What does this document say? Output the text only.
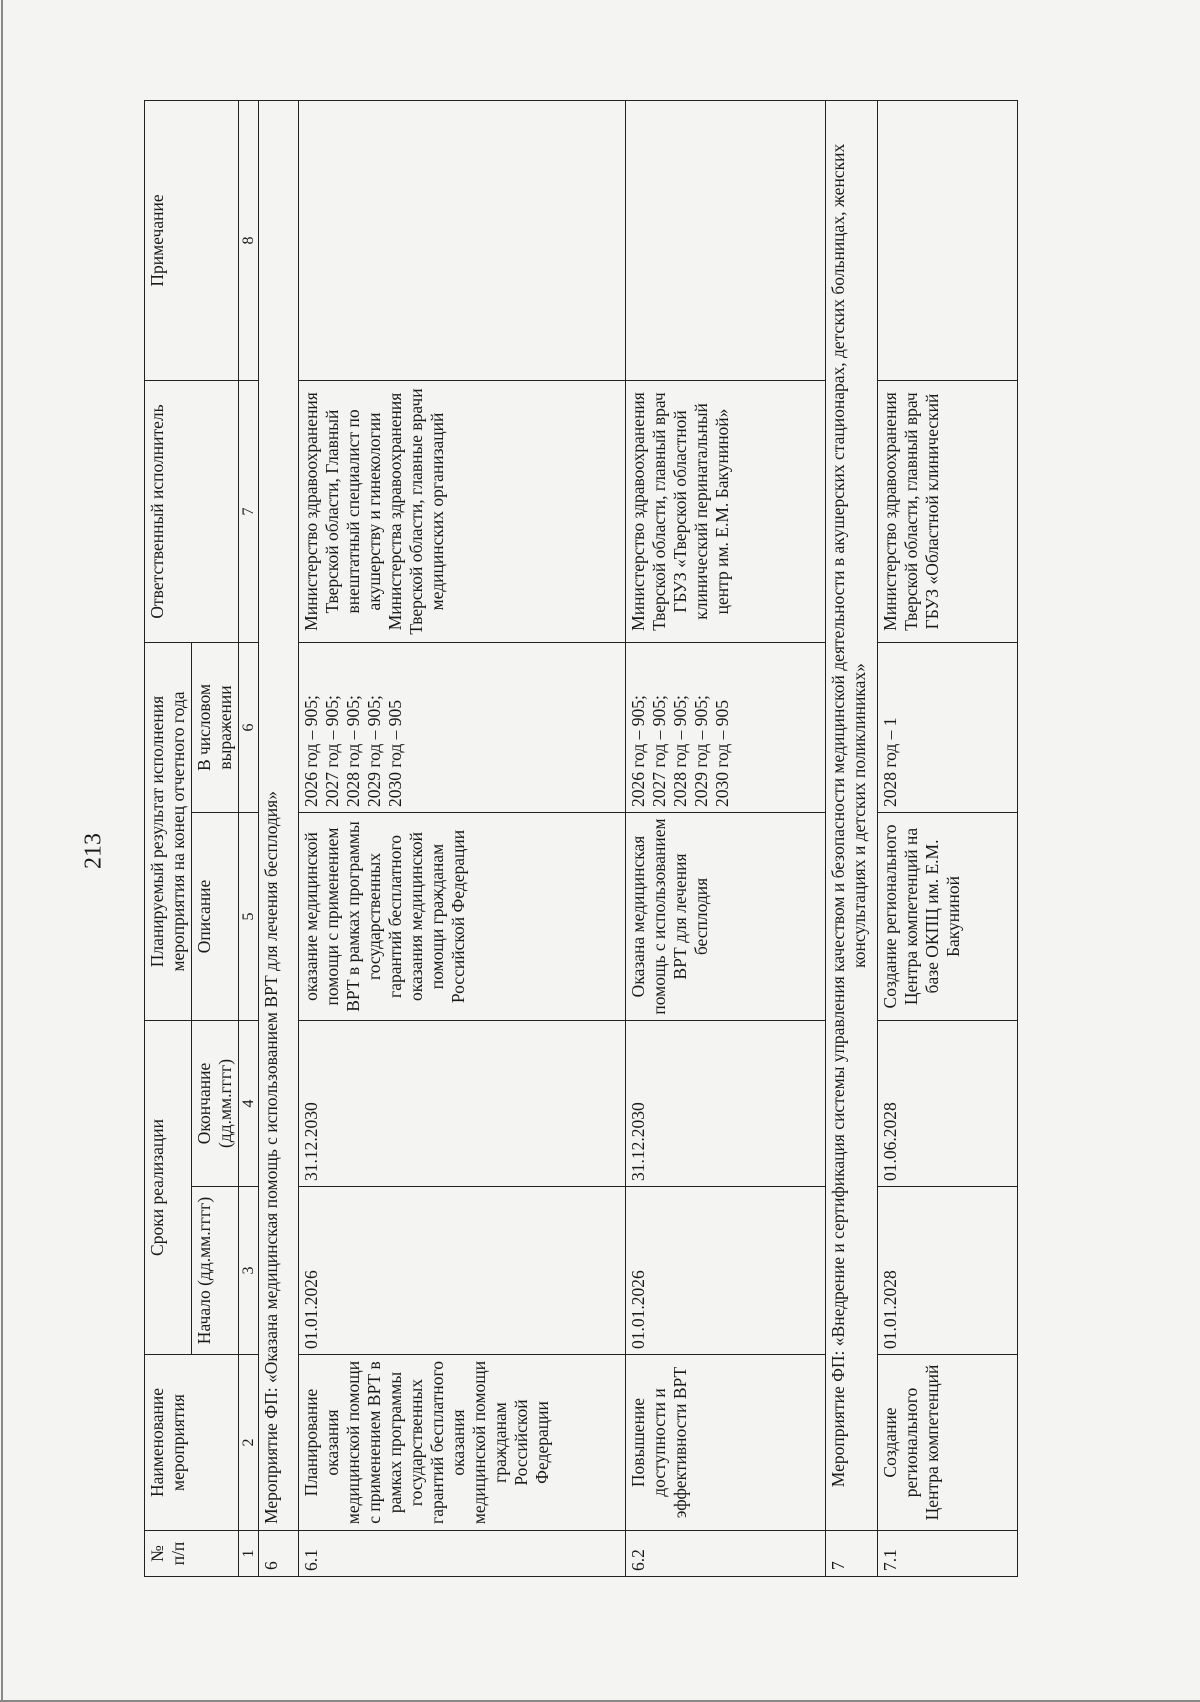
213
№ п/п	Наименование мероприятия	Сроки реализации		Планируемый результат исполнения мероприятия на конец отчетного года		Ответственный исполнитель	Примечание
		Начало (дд.мм.гггг)	Окончание (дд.мм.гггг)	Описание	В числовом выражении		
1	2	3	4	5	6	7	8
6	Мероприятие ФП: «Оказана медицинская помощь с использованием ВРТ для лечения бесплодия»						
6.1	Планирование оказания медицинской помощи с применением ВРТ в рамках программы государственных гарантий бесплатного оказания медицинской помощи гражданам Российской Федерации	01.01.2026	31.12.2030	оказание медицинской помощи с применением ВРТ в рамках программы государственных гарантий бесплатного оказания медицинской помощи гражданам Российской Федерации	2026 год – 905; 2027 год – 905; 2028 год – 905; 2029 год – 905; 2030 год – 905	Министерство здравоохранения Тверской области, Главный внештатный специалист по акушерству и гинекологии Министерства здравоохранения Тверской области, главные врачи медицинских организаций	
6.2	Повышение доступности и эффективности ВРТ	01.01.2026	31.12.2030	Оказана медицинская помощь с использованием ВРТ для лечения бесплодия	2026 год – 905; 2027 год – 905; 2028 год – 905; 2029 год – 905; 2030 год – 905	Министерство здравоохранения Тверской области, главный врач ГБУЗ «Тверской областной клинический перинатальный центр им. Е.М. Бакуниной»	
7	Мероприятие ФП: «Внедрение и сертификация системы управления качеством и безопасности медицинской деятельности в акушерских стационарах, детских больницах, женских консультациях и детских поликлиниках»						
7.1	Создание регионального Центра компетенций	01.01.2028	01.06.2028	Создание регионального Центра компетенций на базе ОКПЦ им. Е.М. Бакуниной	2028 год – 1	Министерство здравоохранения Тверской области, главный врач ГБУЗ «Областной клинический	
